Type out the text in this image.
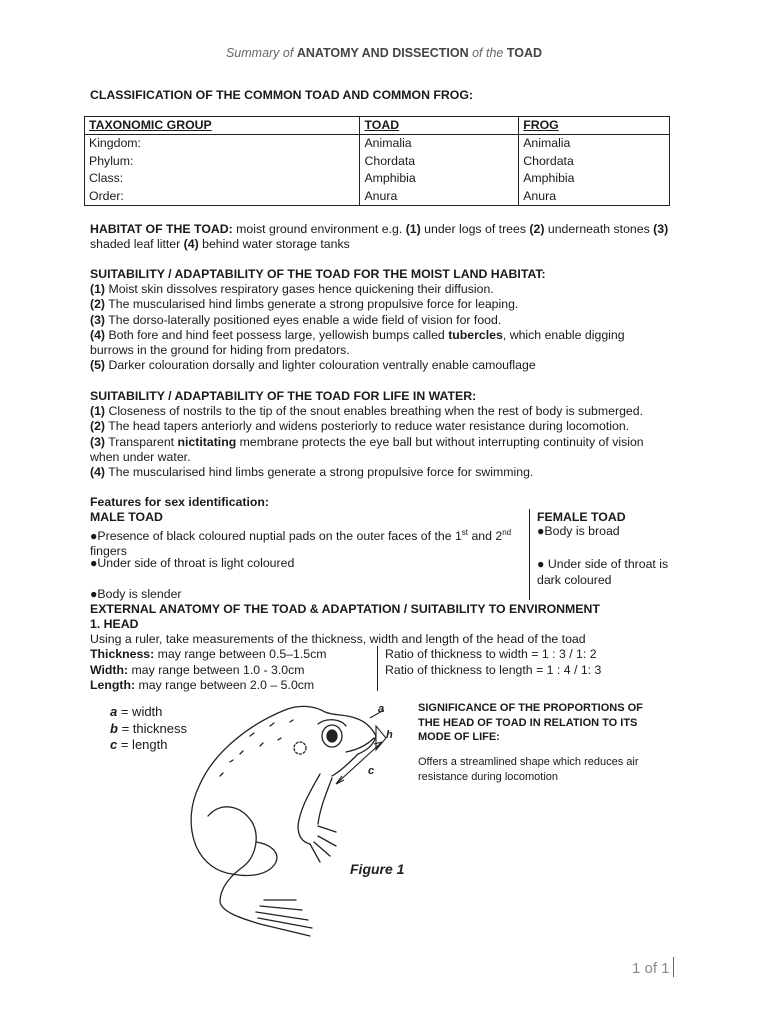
Summary of ANATOMY AND DISSECTION of the TOAD
CLASSIFICATION OF THE COMMON TOAD AND COMMON FROG:
TAXONOMIC GROUP	TOAD	FROG
Kingdom:	Animalia	Animalia
Phylum:	Chordata	Chordata
Class:	Amphibia	Amphibia
Order:	Anura	Anura
HABITAT OF THE TOAD: moist ground environment e.g. (1) under logs of trees (2) underneath stones (3)
shaded leaf litter (4) behind water storage tanks
SUITABILITY / ADAPTABILITY OF THE TOAD FOR THE MOIST LAND HABITAT:
(1) Moist skin dissolves respiratory gases hence quickening their diffusion.
(2) The muscularised hind limbs generate a strong propulsive force for leaping.
(3) The dorso-laterally positioned eyes enable a wide field of vision for food.
(4) Both fore and hind feet possess large, yellowish bumps called tubercles, which enable digging
burrows in the ground for hiding from predators.
(5) Darker colouration dorsally and lighter colouration ventrally enable camouflage
SUITABILITY / ADAPTABILITY OF THE TOAD FOR LIFE IN WATER:
(1) Closeness of nostrils to the tip of the snout enables breathing when the rest of body is submerged.
(2) The head tapers anteriorly and widens posteriorly to reduce water resistance during locomotion.
(3) Transparent nictitating membrane protects the eye ball but without interrupting continuity of vision
when under water.
(4) The muscularised hind limbs generate a strong propulsive force for swimming.
Features for sex identification:
MALE TOAD
●Presence of black coloured nuptial pads on the outer faces of the 1st and 2nd
fingers
●Under side of throat is light coloured
●Body is slender
FEMALE TOAD
●Body is broad
● Under side of throat is
dark coloured
EXTERNAL ANATOMY OF THE TOAD & ADAPTATION / SUITABILITY TO ENVIRONMENT
1. HEAD
Using a ruler, take measurements of the thickness, width and length of the head of the toad
Thickness: may range between 0.5–1.5cm
Width: may range between 1.0 - 3.0cm
Length: may range between 2.0 – 5.0cm
Ratio of thickness to width = 1 : 3 / 1: 2
Ratio of thickness to length = 1 : 4 / 1: 3
a = width
b = thickness
c = length
a
h
c
Figure 1
SIGNIFICANCE OF THE PROPORTIONS OF
THE HEAD OF TOAD IN RELATION TO ITS
MODE OF LIFE:
Offers a streamlined shape which reduces air
resistance during locomotion
1 of 1
